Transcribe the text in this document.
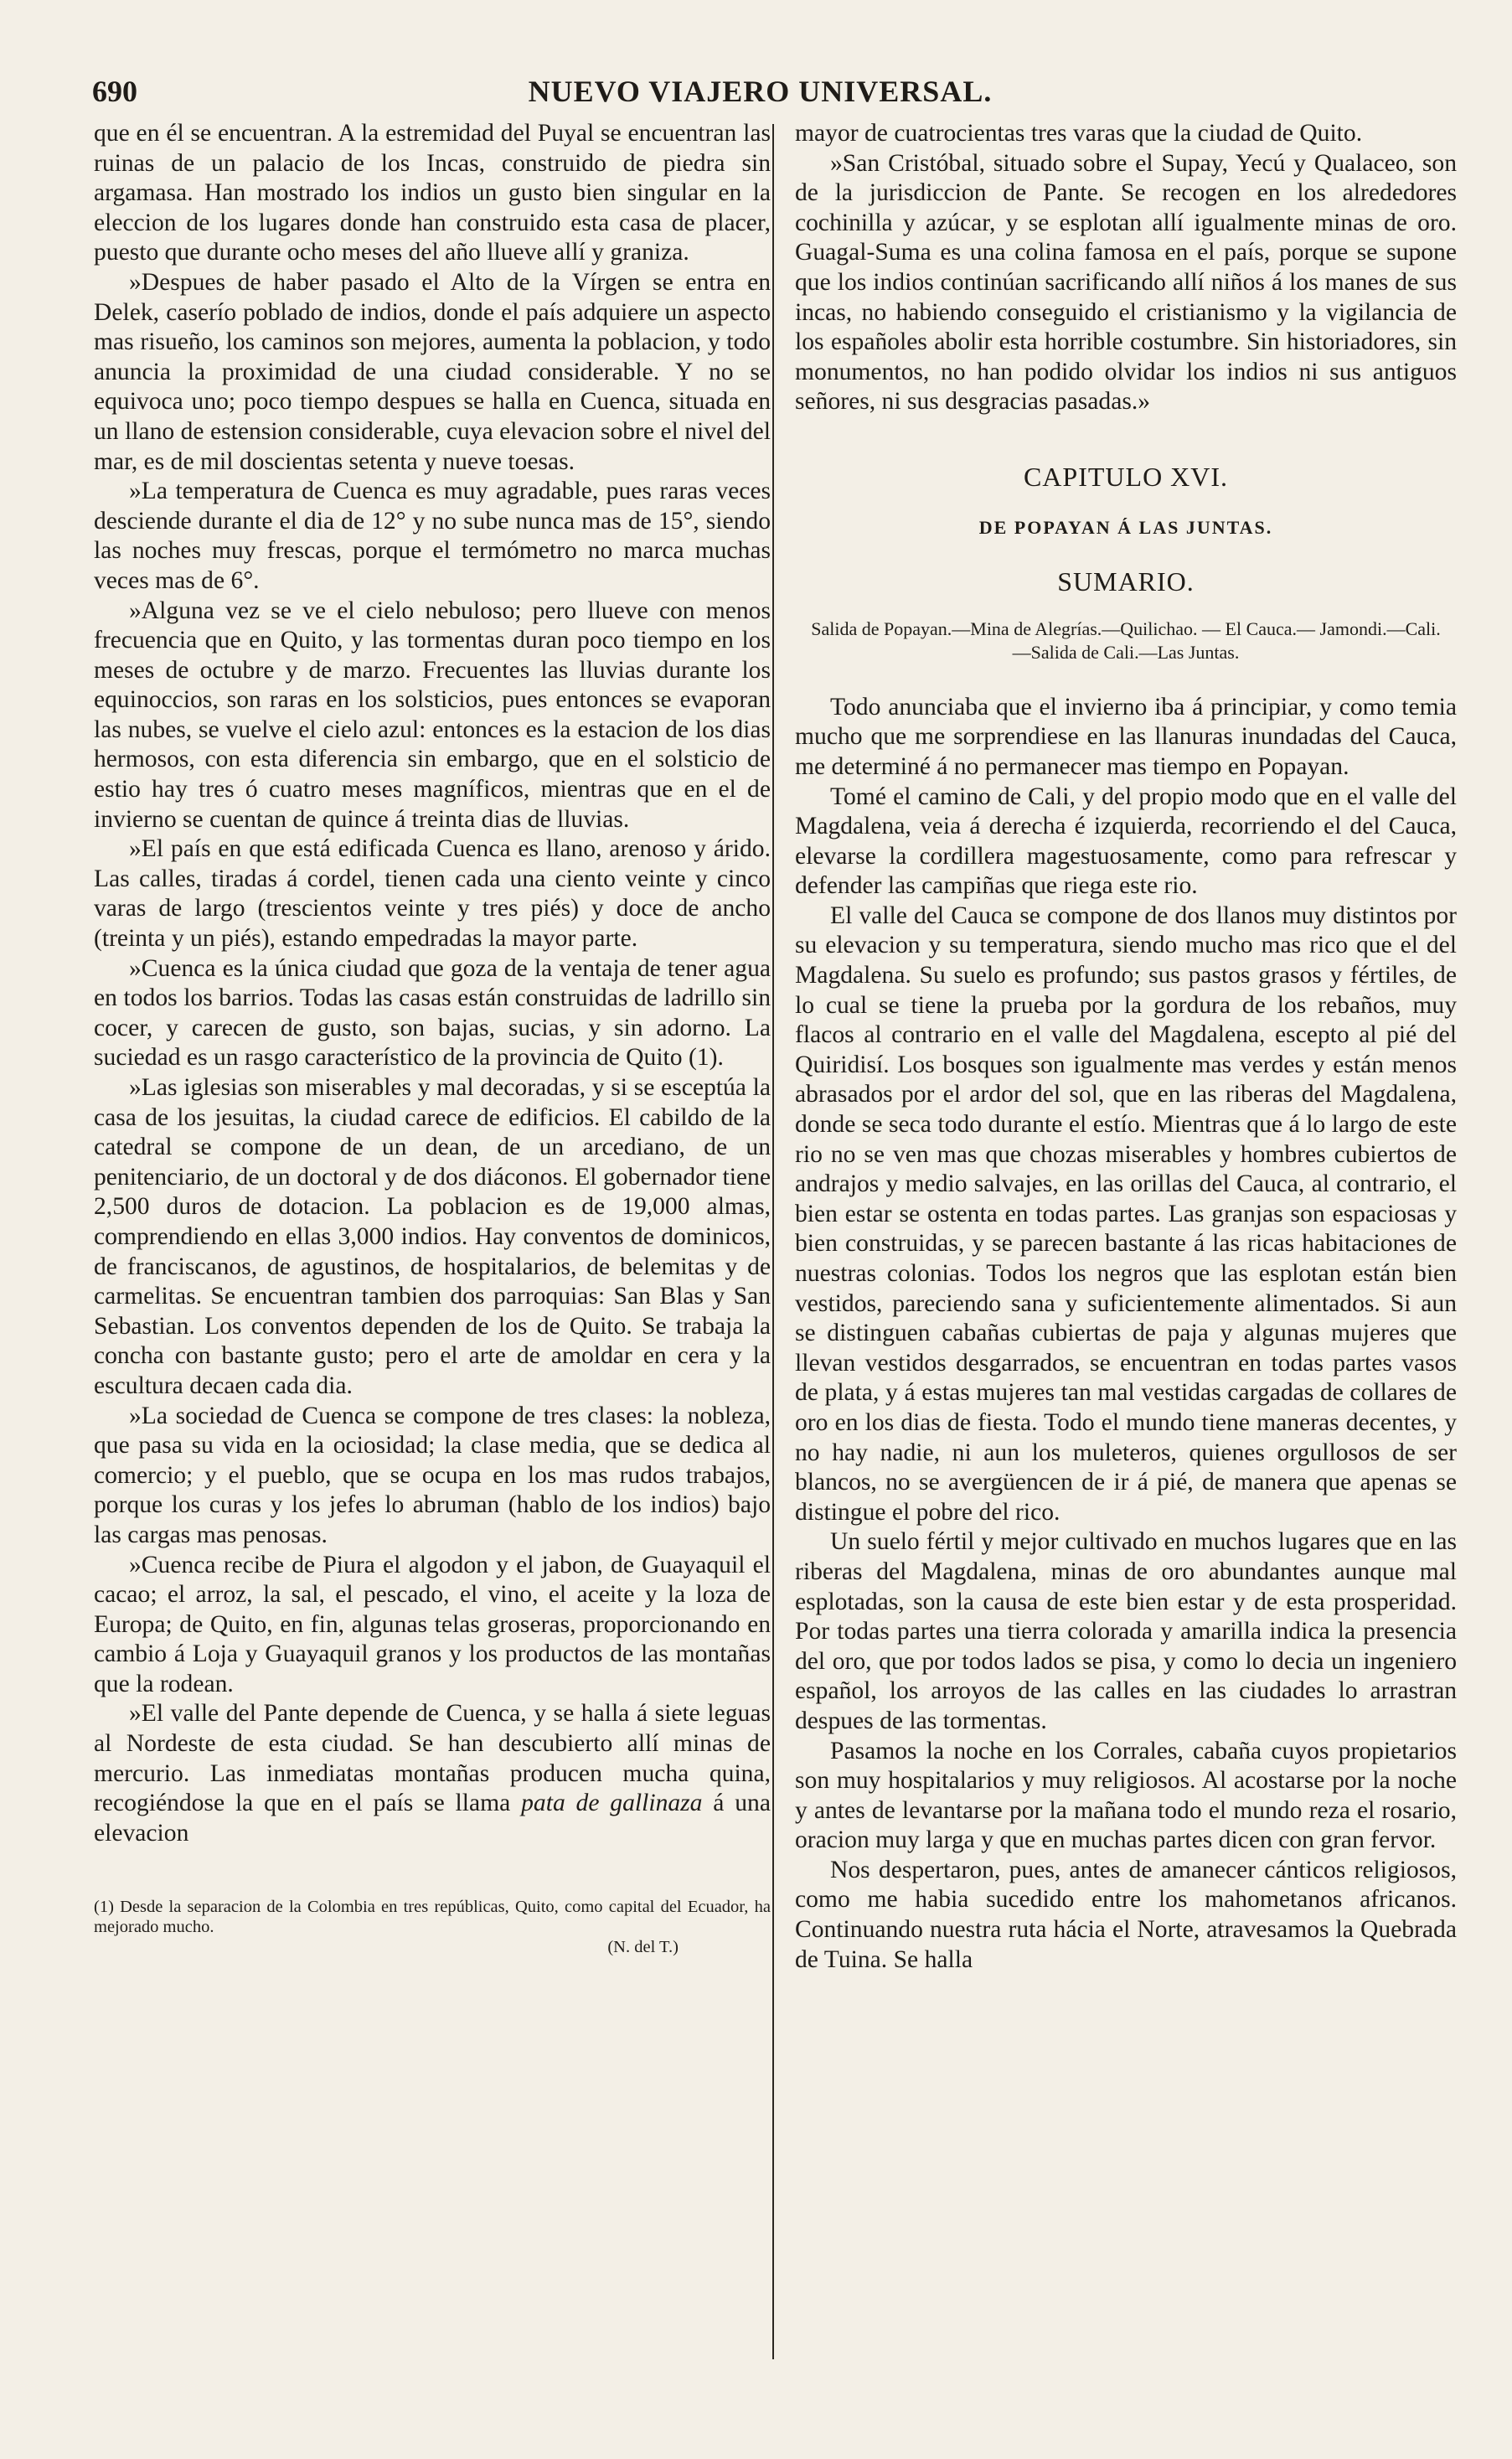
690	NUEVO VIAJERO UNIVERSAL.

que en él se encuentran. A la estremidad del Puyal se encuentran las ruinas de un palacio de los Incas, construido de piedra sin argamasa. Han mostrado los indios un gusto bien singular en la eleccion de los lugares donde han construido esta casa de placer, puesto que durante ocho meses del año llueve allí y graniza.

»Despues de haber pasado el Alto de la Vírgen se entra en Delek, caserío poblado de indios, donde el país adquiere un aspecto mas risueño, los caminos son mejores, aumenta la poblacion, y todo anuncia la proximidad de una ciudad considerable. Y no se equivoca uno; poco tiempo despues se halla en Cuenca, situada en un llano de estension considerable, cuya elevacion sobre el nivel del mar, es de mil doscientas setenta y nueve toesas.

»La temperatura de Cuenca es muy agradable, pues raras veces desciende durante el dia de 12° y no sube nunca mas de 15°, siendo las noches muy frescas, porque el termómetro no marca muchas veces mas de 6°.

»Alguna vez se ve el cielo nebuloso; pero llueve con menos frecuencia que en Quito, y las tormentas duran poco tiempo en los meses de octubre y de marzo. Frecuentes las lluvias durante los equinoccios, son raras en los solsticios, pues entonces se evaporan las nubes, se vuelve el cielo azul: entonces es la estacion de los dias hermosos, con esta diferencia sin embargo, que en el solsticio de estio hay tres ó cuatro meses magníficos, mientras que en el de invierno se cuentan de quince á treinta dias de lluvias.

»El país en que está edificada Cuenca es llano, arenoso y árido. Las calles, tiradas á cordel, tienen cada una ciento veinte y cinco varas de largo (trescientos veinte y tres piés) y doce de ancho (treinta y un piés), estando empedradas la mayor parte.

»Cuenca es la única ciudad que goza de la ventaja de tener agua en todos los barrios. Todas las casas están construidas de ladrillo sin cocer, y carecen de gusto, son bajas, sucias, y sin adorno. La suciedad es un rasgo característico de la provincia de Quito (1).

»Las iglesias son miserables y mal decoradas, y si se esceptúa la casa de los jesuitas, la ciudad carece de edificios. El cabildo de la catedral se compone de un dean, de un arcediano, de un penitenciario, de un doctoral y de dos diáconos. El gobernador tiene 2,500 duros de dotacion. La poblacion es de 19,000 almas, comprendiendo en ellas 3,000 indios. Hay conventos de dominicos, de franciscanos, de agustinos, de hospitalarios, de belemitas y de carmelitas. Se encuentran tambien dos parroquias: San Blas y San Sebastian. Los conventos dependen de los de Quito. Se trabaja la concha con bastante gusto; pero el arte de amoldar en cera y la escultura decaen cada dia.

»La sociedad de Cuenca se compone de tres clases: la nobleza, que pasa su vida en la ociosidad; la clase media, que se dedica al comercio; y el pueblo, que se ocupa en los mas rudos trabajos, porque los curas y los jefes lo abruman (hablo de los indios) bajo las cargas mas penosas.

»Cuenca recibe de Piura el algodon y el jabon, de Guayaquil el cacao; el arroz, la sal, el pescado, el vino, el aceite y la loza de Europa; de Quito, en fin, algunas telas groseras, proporcionando en cambio á Loja y Guayaquil granos y los productos de las montañas que la rodean.

»El valle del Pante depende de Cuenca, y se halla á siete leguas al Nordeste de esta ciudad. Se han descubierto allí minas de mercurio. Las inmediatas montañas producen mucha quina, recogiéndose la que en el país se llama pata de gallinaza á una elevacion

(1) Desde la separacion de la Colombia en tres repúblicas, Quito, como capital del Ecuador, ha mejorado mucho.
(N. del T.)

mayor de cuatrocientas tres varas que la ciudad de Quito.

»San Cristóbal, situado sobre el Supay, Yecú y Qualaceo, son de la jurisdiccion de Pante. Se recogen en los alrededores cochinilla y azúcar, y se esplotan allí igualmente minas de oro. Guagal-Suma es una colina famosa en el país, porque se supone que los indios continúan sacrificando allí niños á los manes de sus incas, no habiendo conseguido el cristianismo y la vigilancia de los españoles abolir esta horrible costumbre. Sin historiadores, sin monumentos, no han podido olvidar los indios ni sus antiguos señores, ni sus desgracias pasadas.»

CAPITULO XVI.
DE POPAYAN Á LAS JUNTAS.
SUMARIO.
Salida de Popayan.—Mina de Alegrías.—Quilichao. — El Cauca.— Jamondi.—Cali.—Salida de Cali.—Las Juntas.

Todo anunciaba que el invierno iba á principiar, y como temia mucho que me sorprendiese en las llanuras inundadas del Cauca, me determiné á no permanecer mas tiempo en Popayan.

Tomé el camino de Cali, y del propio modo que en el valle del Magdalena, veia á derecha é izquierda, recorriendo el del Cauca, elevarse la cordillera magestuosamente, como para refrescar y defender las campiñas que riega este rio.

El valle del Cauca se compone de dos llanos muy distintos por su elevacion y su temperatura, siendo mucho mas rico que el del Magdalena. Su suelo es profundo; sus pastos grasos y fértiles, de lo cual se tiene la prueba por la gordura de los rebaños, muy flacos al contrario en el valle del Magdalena, escepto al pié del Quiridisí. Los bosques son igualmente mas verdes y están menos abrasados por el ardor del sol, que en las riberas del Magdalena, donde se seca todo durante el estío. Mientras que á lo largo de este rio no se ven mas que chozas miserables y hombres cubiertos de andrajos y medio salvajes, en las orillas del Cauca, al contrario, el bien estar se ostenta en todas partes. Las granjas son espaciosas y bien construidas, y se parecen bastante á las ricas habitaciones de nuestras colonias. Todos los negros que las esplotan están bien vestidos, pareciendo sana y suficientemente alimentados. Si aun se distinguen cabañas cubiertas de paja y algunas mujeres que llevan vestidos desgarrados, se encuentran en todas partes vasos de plata, y á estas mujeres tan mal vestidas cargadas de collares de oro en los dias de fiesta. Todo el mundo tiene maneras decentes, y no hay nadie, ni aun los muleteros, quienes orgullosos de ser blancos, no se avergüencen de ir á pié, de manera que apenas se distingue el pobre del rico.

Un suelo fértil y mejor cultivado en muchos lugares que en las riberas del Magdalena, minas de oro abundantes aunque mal esplotadas, son la causa de este bien estar y de esta prosperidad. Por todas partes una tierra colorada y amarilla indica la presencia del oro, que por todos lados se pisa, y como lo decia un ingeniero español, los arroyos de las calles en las ciudades lo arrastran despues de las tormentas.

Pasamos la noche en los Corrales, cabaña cuyos propietarios son muy hospitalarios y muy religiosos. Al acostarse por la noche y antes de levantarse por la mañana todo el mundo reza el rosario, oracion muy larga y que en muchas partes dicen con gran fervor.

Nos despertaron, pues, antes de amanecer cánticos religiosos, como me habia sucedido entre los mahometanos africanos. Continuando nuestra ruta hácia el Norte, atravesamos la Quebrada de Tuina. Se halla
